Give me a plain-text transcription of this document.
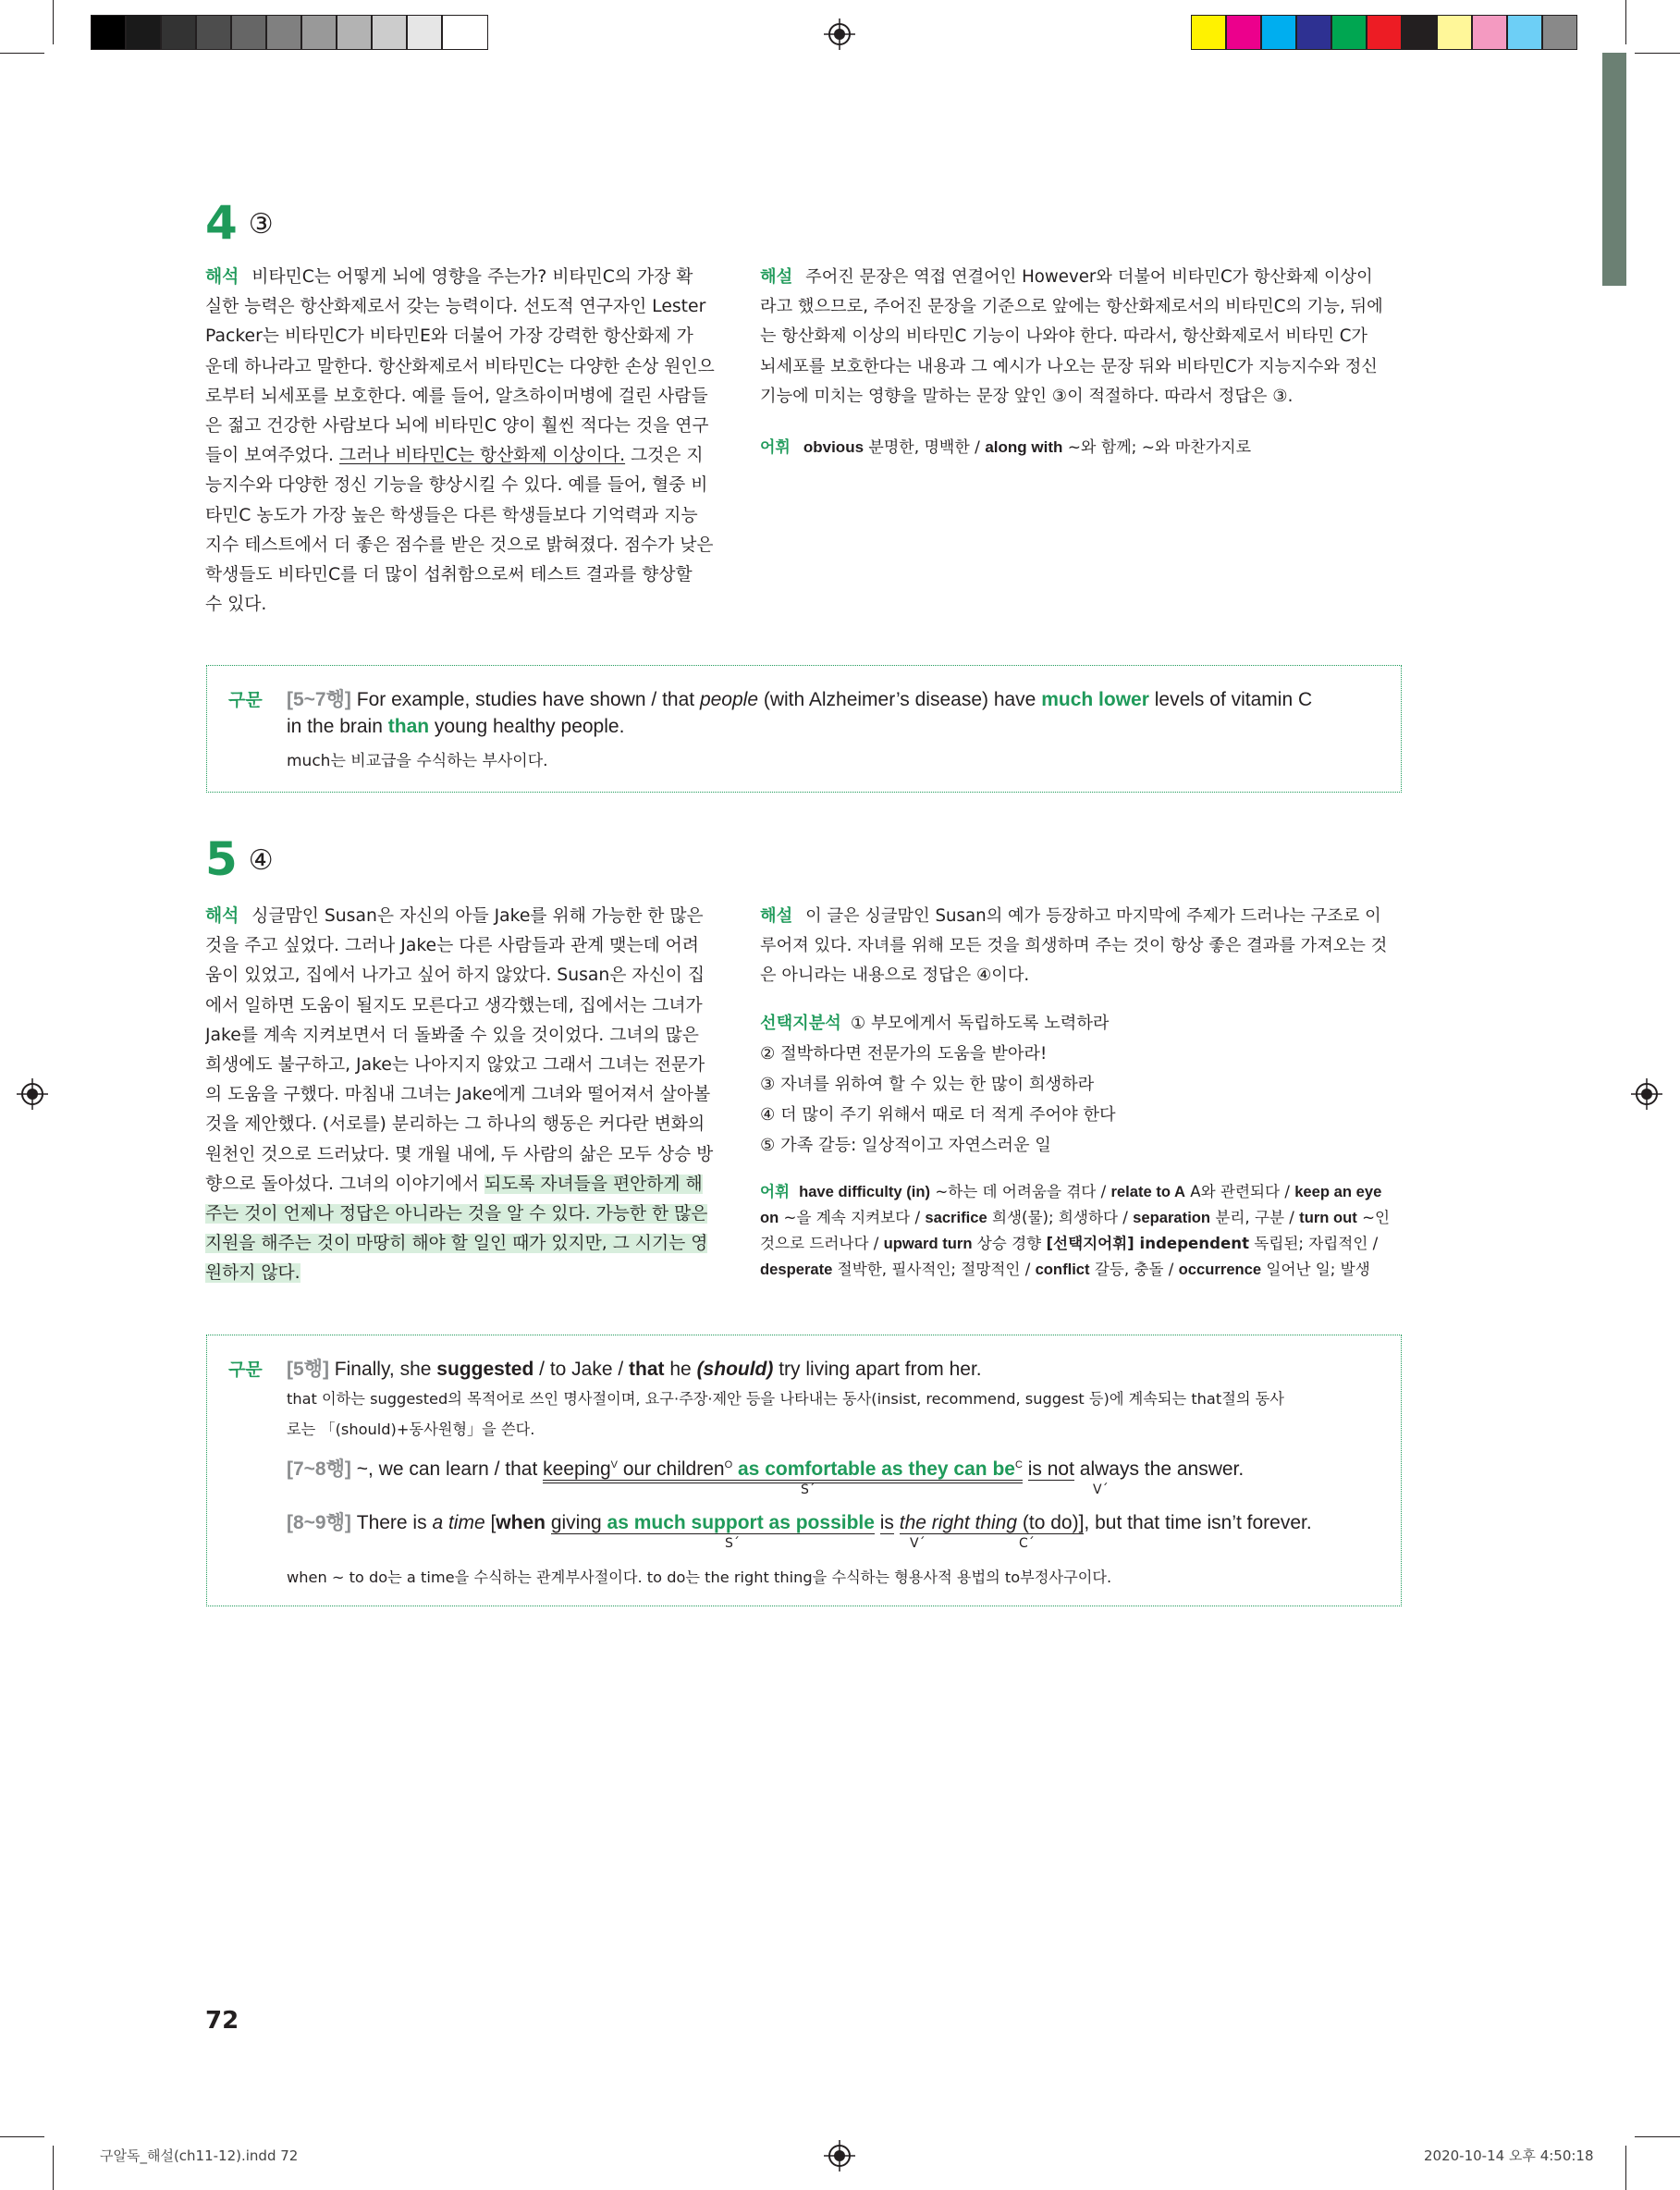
4 ③
해석 비타민C는 어떻게 뇌에 영향을 주는가? 비타민C의 가장 확
실한 능력은 항산화제로서 갖는 능력이다. 선도적 연구자인 Lester
Packer는 비타민C가 비타민E와 더불어 가장 강력한 항산화제 가
운데 하나라고 말한다. 항산화제로서 비타민C는 다양한 손상 원인으
로부터 뇌세포를 보호한다. 예를 들어, 알츠하이머병에 걸린 사람들
은 젊고 건강한 사람보다 뇌에 비타민C 양이 훨씬 적다는 것을 연구
들이 보여주었다. 그러나 비타민C는 항산화제 이상이다. 그것은 지
능지수와 다양한 정신 기능을 향상시킬 수 있다. 예를 들어, 혈중 비
타민C 농도가 가장 높은 학생들은 다른 학생들보다 기억력과 지능
지수 테스트에서 더 좋은 점수를 받은 것으로 밝혀졌다. 점수가 낮은
학생들도 비타민C를 더 많이 섭취함으로써 테스트 결과를 향상할
수 있다.
해설 주어진 문장은 역접 연결어인 However와 더불어 비타민C가 항산화제 이상이
라고 했으므로, 주어진 문장을 기준으로 앞에는 항산화제로서의 비타민C의 기능, 뒤에
는 항산화제 이상의 비타민C 기능이 나와야 한다. 따라서, 항산화제로서 비타민 C가
뇌세포를 보호한다는 내용과 그 예시가 나오는 문장 뒤와 비타민C가 지능지수와 정신
기능에 미치는 영향을 말하는 문장 앞인 ③이 적절하다. 따라서 정답은 ③.
어휘 obvious 분명한, 명백한 / along with ~와 함께; ~와 마찬가지로
구문 [5~7행] For example, studies have shown / that people (with Alzheimer’s disease) have much lower levels of vitamin C
in the brain than young healthy people.
much는 비교급을 수식하는 부사이다.
5 ④
해석 싱글맘인 Susan은 자신의 아들 Jake를 위해 가능한 한 많은
것을 주고 싶었다. 그러나 Jake는 다른 사람들과 관계 맺는데 어려
움이 있었고, 집에서 나가고 싶어 하지 않았다. Susan은 자신이 집
에서 일하면 도움이 될지도 모른다고 생각했는데, 집에서는 그녀가
Jake를 계속 지켜보면서 더 돌봐줄 수 있을 것이었다. 그녀의 많은
희생에도 불구하고, Jake는 나아지지 않았고 그래서 그녀는 전문가
의 도움을 구했다. 마침내 그녀는 Jake에게 그녀와 떨어져서 살아볼
것을 제안했다. (서로를) 분리하는 그 하나의 행동은 커다란 변화의
원천인 것으로 드러났다. 몇 개월 내에, 두 사람의 삶은 모두 상승 방
향으로 돌아섰다. 그녀의 이야기에서 되도록 자녀들을 편안하게 해
주는 것이 언제나 정답은 아니라는 것을 알 수 있다. 가능한 한 많은
지원을 해주는 것이 마땅히 해야 할 일인 때가 있지만, 그 시기는 영
원하지 않다.
해설 이 글은 싱글맘인 Susan의 예가 등장하고 마지막에 주제가 드러나는 구조로 이
루어져 있다. 자녀를 위해 모든 것을 희생하며 주는 것이 항상 좋은 결과를 가져오는 것
은 아니라는 내용으로 정답은 ④이다.
선택지분석 ① 부모에게서 독립하도록 노력하라
② 절박하다면 전문가의 도움을 받아라!
③ 자녀를 위하여 할 수 있는 한 많이 희생하라
④ 더 많이 주기 위해서 때로 더 적게 주어야 한다
⑤ 가족 갈등: 일상적이고 자연스러운 일
어휘 have difficulty (in) ~하는 데 어려움을 겪다 / relate to A A와 관련되다 / keep an eye
on ~을 계속 지켜보다 / sacrifice 희생(물); 희생하다 / separation 분리, 구분 / turn out ~인
것으로 드러나다 / upward turn 상승 경향 [선택지어휘] independent 독립된; 자립적인 /
desperate 절박한, 필사적인; 절망적인 / conflict 갈등, 충돌 / occurrence 일어난 일; 발생
구문 [5행] Finally, she suggested / to Jake / that he (should) try living apart from her.
that 이하는 suggested의 목적어로 쓰인 명사절이며, 요구·주장·제안 등을 나타내는 동사(insist, recommend, suggest 등)에 계속되는 that절의 동사
로는 「(should)+동사원형」을 쓴다.
[7~8행] ~, we can learn / that keeping$^V$ our children$^O$ as comfortable as they can $be^C$ is not always the answer.
S´	V´
[8~9행] There is a time [when giving as much support as possible is the right thing (to do)], but that time isn’t forever.
S´	V´	C´
when ~ to do는 a time을 수식하는 관계부사절이다. to do는 the right thing을 수식하는 형용사적 용법의 to부정사구이다.
72
구알독_해설(ch11-12).indd 72	2020-10-14 오후 4:50:18
